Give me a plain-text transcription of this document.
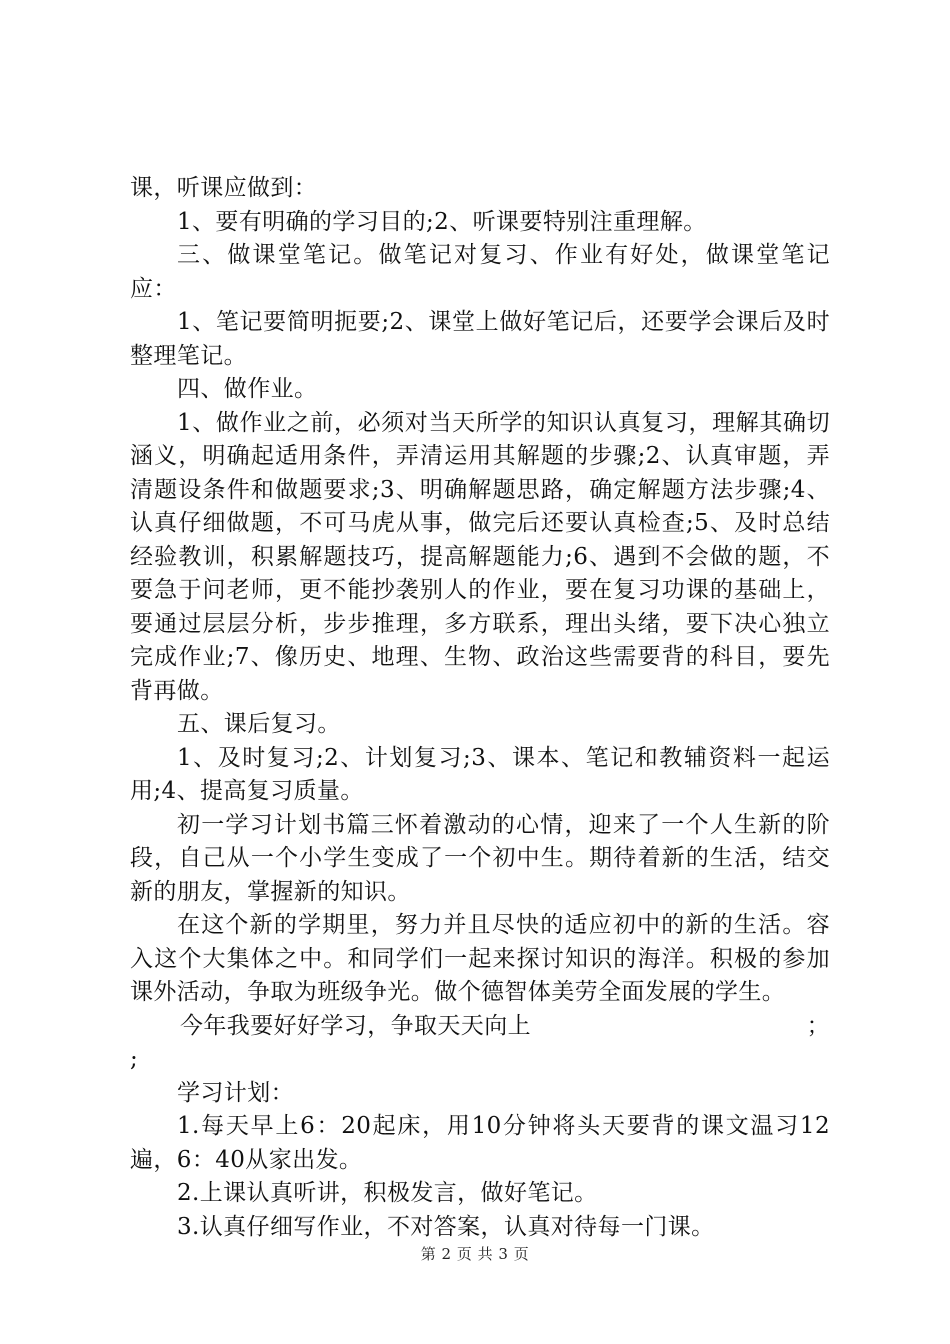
课，听课应做到：

1、要有明确的学习目的;2、听课要特别注重理解。

三、做课堂笔记。做笔记对复习、作业有好处，做课堂笔记应：

1、笔记要简明扼要;2、课堂上做好笔记后，还要学会课后及时整理笔记。

四、做作业。

1、做作业之前，必须对当天所学的知识认真复习，理解其确切涵义，明确起适用条件，弄清运用其解题的步骤;2、认真审题，弄清题设条件和做题要求;3、明确解题思路，确定解题方法步骤;4、认真仔细做题，不可马虎从事，做完后还要认真检查;5、及时总结经验教训，积累解题技巧，提高解题能力;6、遇到不会做的题，不要急于问老师，更不能抄袭别人的作业，要在复习功课的基础上，要通过层层分析，步步推理，多方联系，理出头绪，要下决心独立完成作业;7、像历史、地理、生物、政治这些需要背的科目，要先背再做。

五、课后复习。

1、及时复习;2、计划复习;3、课本、笔记和教辅资料一起运用;4、提高复习质量。

初一学习计划书篇三怀着激动的心情，迎来了一个人生新的阶段，自己从一个小学生变成了一个初中生。期待着新的生活，结交新的朋友，掌握新的知识。

在这个新的学期里，努力并且尽快的适应初中的新的生活。容入这个大集体之中。和同学们一起来探讨知识的海洋。积极的参加课外活动，争取为班级争光。做个德智体美劳全面发展的学生。

今年我要好好学习，争取天天向上	；

;

学习计划：

1.每天早上6：20起床，用10分钟将头天要背的课文温习12遍，6：40从家出发。

2.上课认真听讲，积极发言，做好笔记。

3.认真仔细写作业，不对答案，认真对待每一门课。

第 2 页 共 3 页
